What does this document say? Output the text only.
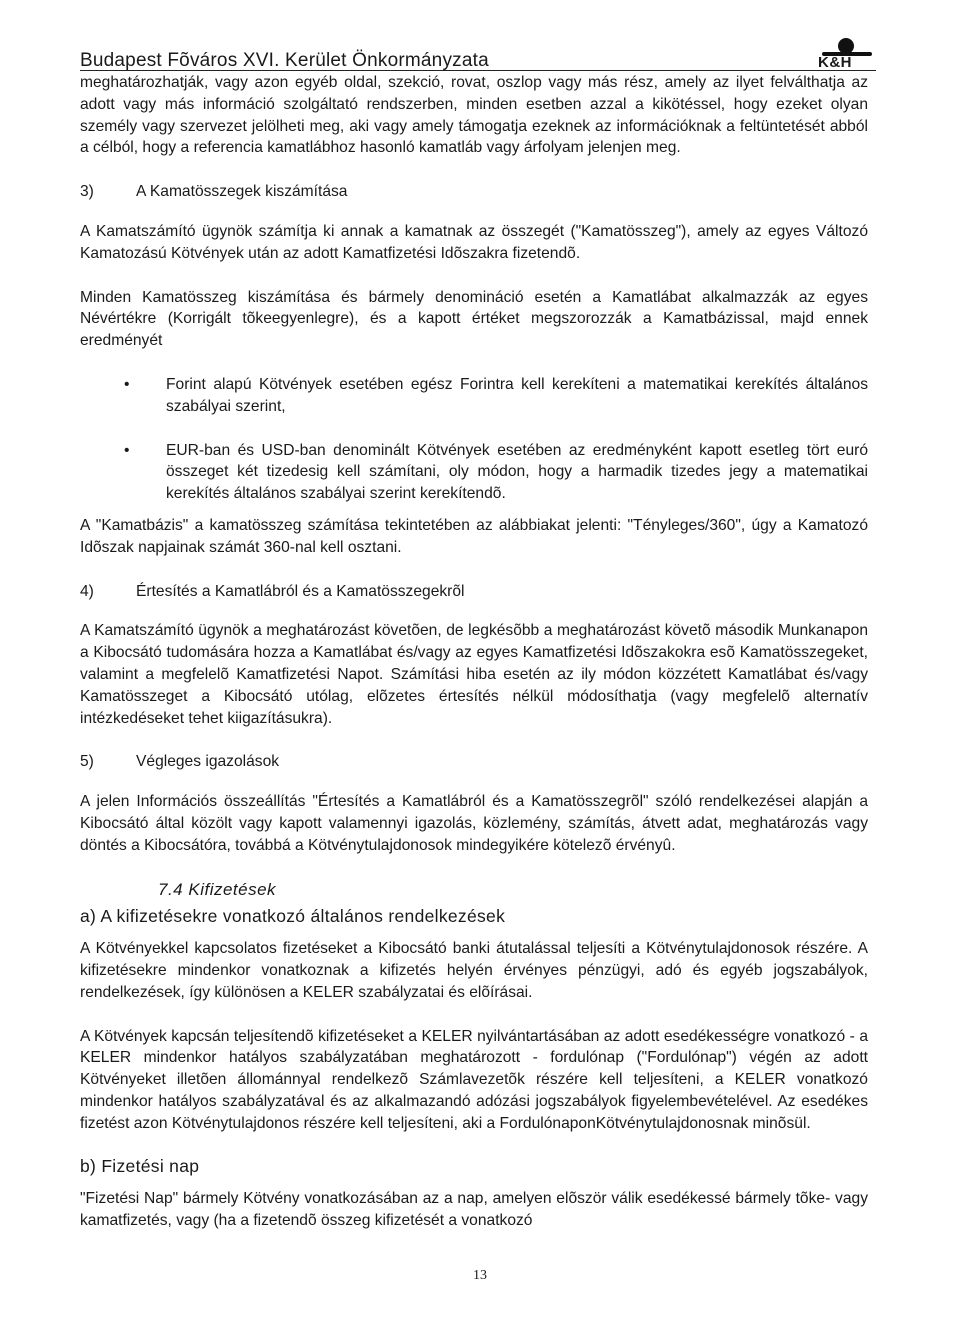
Budapest Fõváros XVI. Kerület Önkormányzata	K&H

meghatározhatják, vagy azon egyéb oldal, szekció, rovat, oszlop vagy más rész, amely az ilyet felválthatja az adott vagy más információ szolgáltató rendszerben, minden esetben azzal a kikötéssel, hogy ezeket olyan személy vagy szervezet jelölheti meg, aki vagy amely támogatja ezeknek az információknak a feltüntetését abból a célból, hogy a referencia kamatlábhoz hasonló kamatláb vagy árfolyam jelenjen meg.

3)	A Kamatösszegek kiszámítása

A Kamatszámító ügynök számítja ki annak a kamatnak az összegét ("Kamatösszeg"), amely az egyes Változó Kamatozású Kötvények után az adott Kamatfizetési Idõszakra fizetendõ.

Minden Kamatösszeg kiszámítása és bármely denomináció esetén a Kamatlábat alkalmazzák az egyes Névértékre (Korrigált tõkeegyenlegre), és a kapott értéket megszorozzák a Kamatbázissal, majd ennek eredményét

• Forint alapú Kötvények esetében egész Forintra kell kerekíteni a matematikai kerekítés általános szabályai szerint,
• EUR-ban és USD-ban denominált Kötvények esetében az eredményként kapott esetleg tört euró összeget két tizedesig kell számítani, oly módon, hogy a harmadik tizedes jegy a matematikai kerekítés általános szabályai szerint kerekítendõ.

A "Kamatbázis" a kamatösszeg számítása tekintetében az alábbiakat jelenti: "Tényleges/360", úgy a Kamatozó Idõszak napjainak számát 360-nal kell osztani.

4)	Értesítés a Kamatlábról és a Kamatösszegekrõl

A Kamatszámító ügynök a meghatározást követõen, de legkésõbb a meghatározást követõ második Munkanapon a Kibocsátó tudomására hozza a Kamatlábat és/vagy az egyes Kamatfizetési Idõszakokra esõ Kamatösszegeket, valamint a megfelelõ Kamatfizetési Napot. Számítási hiba esetén az ily módon közzétett Kamatlábat és/vagy Kamatösszeget a Kibocsátó utólag, elõzetes értesítés nélkül módosíthatja (vagy megfelelõ alternatív intézkedéseket tehet kiigazításukra).

5)	Végleges igazolások

A jelen Információs összeállítás "Értesítés a Kamatlábról és a Kamatösszegrõl" szóló rendelkezései alapján a Kibocsátó által közölt vagy kapott valamennyi igazolás, közlemény, számítás, átvett adat, meghatározás vagy döntés a Kibocsátóra, továbbá a Kötvénytulajdonosok mindegyikére kötelezõ érvényû.

7.4 Kifizetések
a) A kifizetésekre vonatkozó általános rendelkezések

A Kötvényekkel kapcsolatos fizetéseket a Kibocsátó banki átutalással teljesíti a Kötvénytulajdonosok részére. A kifizetésekre mindenkor vonatkoznak a kifizetés helyén érvényes pénzügyi, adó és egyéb jogszabályok, rendelkezések, így különösen a KELER szabályzatai és elõírásai.

A Kötvények kapcsán teljesítendõ kifizetéseket a KELER nyilvántartásában az adott esedékességre vonatkozó - a KELER mindenkor hatályos szabályzatában meghatározott - fordulónap ("Fordulónap") végén az adott Kötvényeket illetõen állománnyal rendelkezõ Számlavezetõk részére kell teljesíteni, a KELER vonatkozó mindenkor hatályos szabályzatával és az alkalmazandó adózási jogszabályok figyelembevételével. Az esedékes fizetést azon Kötvénytulajdonos részére kell teljesíteni, aki a FordulónaponKötvénytulajdonosnak minõsül.

b) Fizetési nap

"Fizetési Nap" bármely Kötvény vonatkozásában az a nap, amelyen elõször válik esedékessé bármely tõke- vagy kamatfizetés, vagy (ha a fizetendõ összeg kifizetését a vonatkozó

13
